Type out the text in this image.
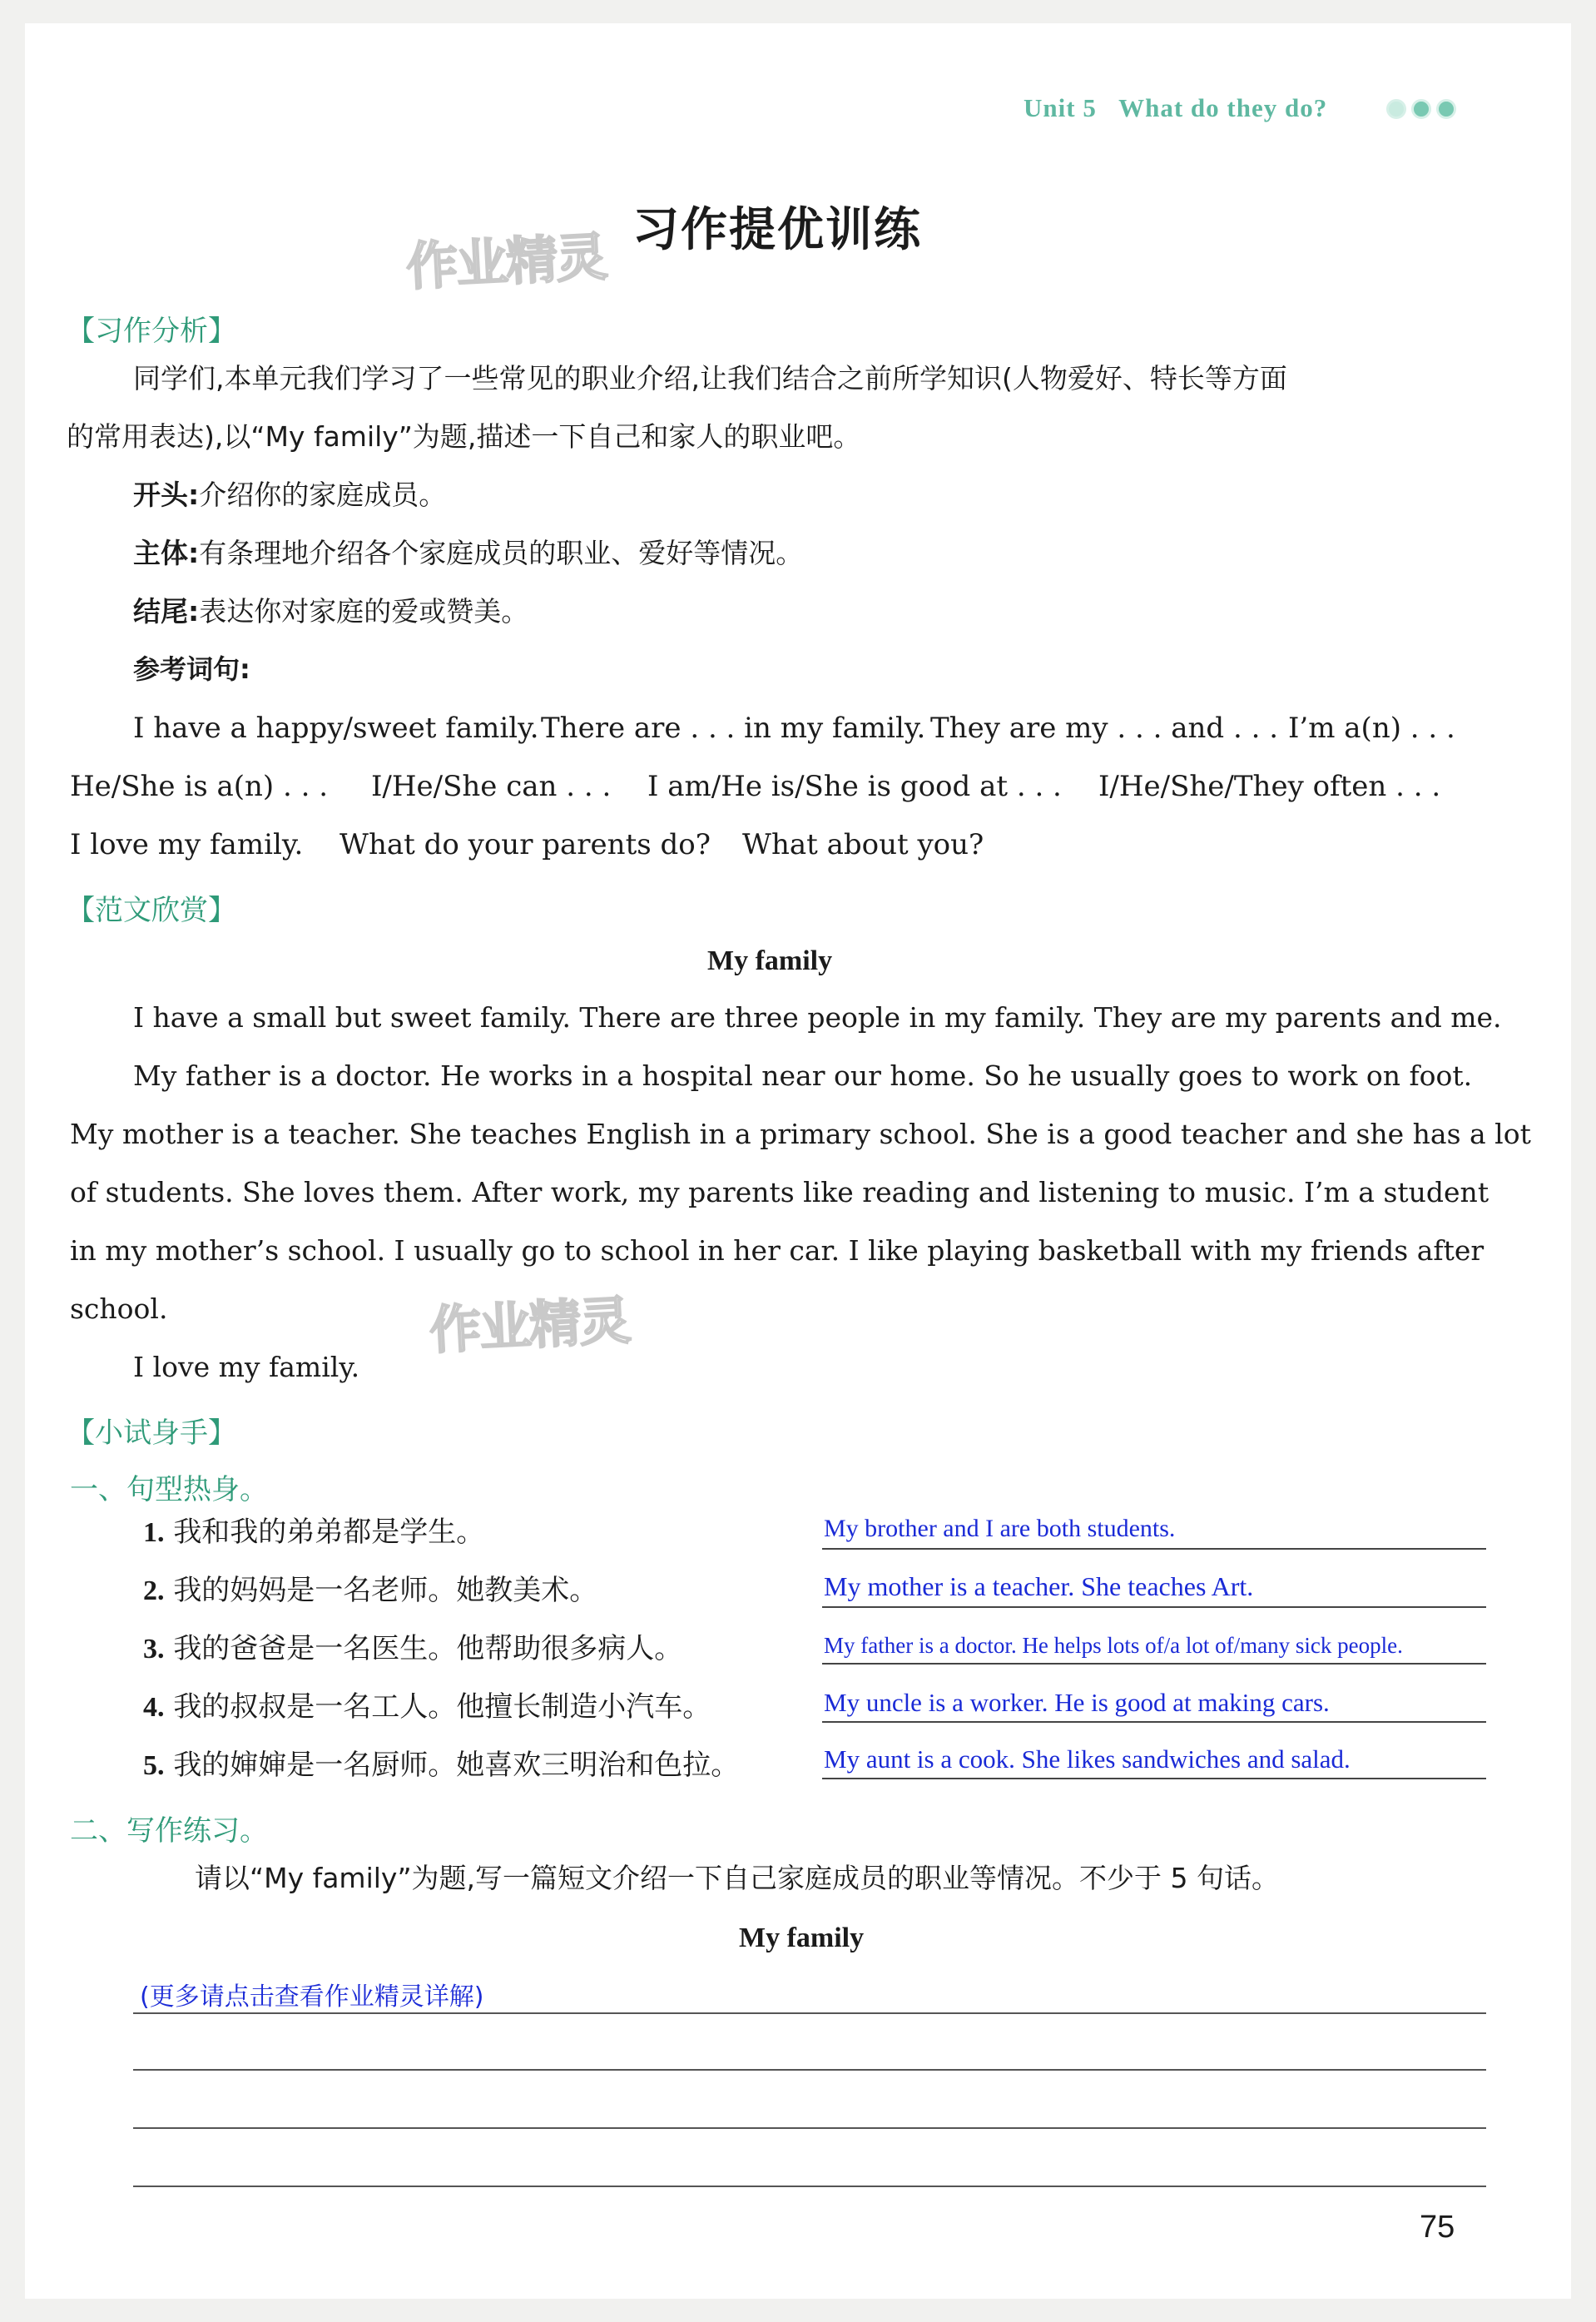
Unit 5 What do they do?
作业精灵
作业精灵
习作提优训练
【习作分析】
同学们,本单元我们学习了一些常见的职业介绍,让我们结合之前所学知识(人物爱好、特长等方面
的常用表达),以“My family”为题,描述一下自己和家人的职业吧。
开头:介绍你的家庭成员。
主体:有条理地介绍各个家庭成员的职业、爱好等情况。
结尾:表达你对家庭的爱或赞美。
参考词句:
I have a happy/sweet family.There are . . . in my family. They are my . . . and . . . I’m a(n) . . .
He/She is a(n) . . . I/He/She can . . . I am/He is/She is good at . . . I/He/She/They often . . .
I love my family. What do your parents do? What about you?
【范文欣赏】
My family
I have a small but sweet family. There are three people in my family. They are my parents and me.
My father is a doctor. He works in a hospital near our home. So he usually goes to work on foot.
My mother is a teacher. She teaches English in a primary school. She is a good teacher and she has a lot
of students. She loves them. After work, my parents like reading and listening to music. I’m a student
in my mother’s school. I usually go to school in her car. I like playing basketball with my friends after
school.
I love my family.
【小试身手】
一、句型热身。
1. 我和我的弟弟都是学生。	My brother and I are both students.
2. 我的妈妈是一名老师。她教美术。	My mother is a teacher. She teaches Art.
3. 我的爸爸是一名医生。他帮助很多病人。	My father is a doctor. He helps lots of/a lot of/many sick people.
4. 我的叔叔是一名工人。他擅长制造小汽车。	My uncle is a worker. He is good at making cars.
5. 我的婶婶是一名厨师。她喜欢三明治和色拉。	My aunt is a cook. She likes sandwiches and salad.
二、写作练习。
请以“My family”为题,写一篇短文介绍一下自己家庭成员的职业等情况。不少于 5 句话。
My family
(更多请点击查看作业精灵详解)
75
